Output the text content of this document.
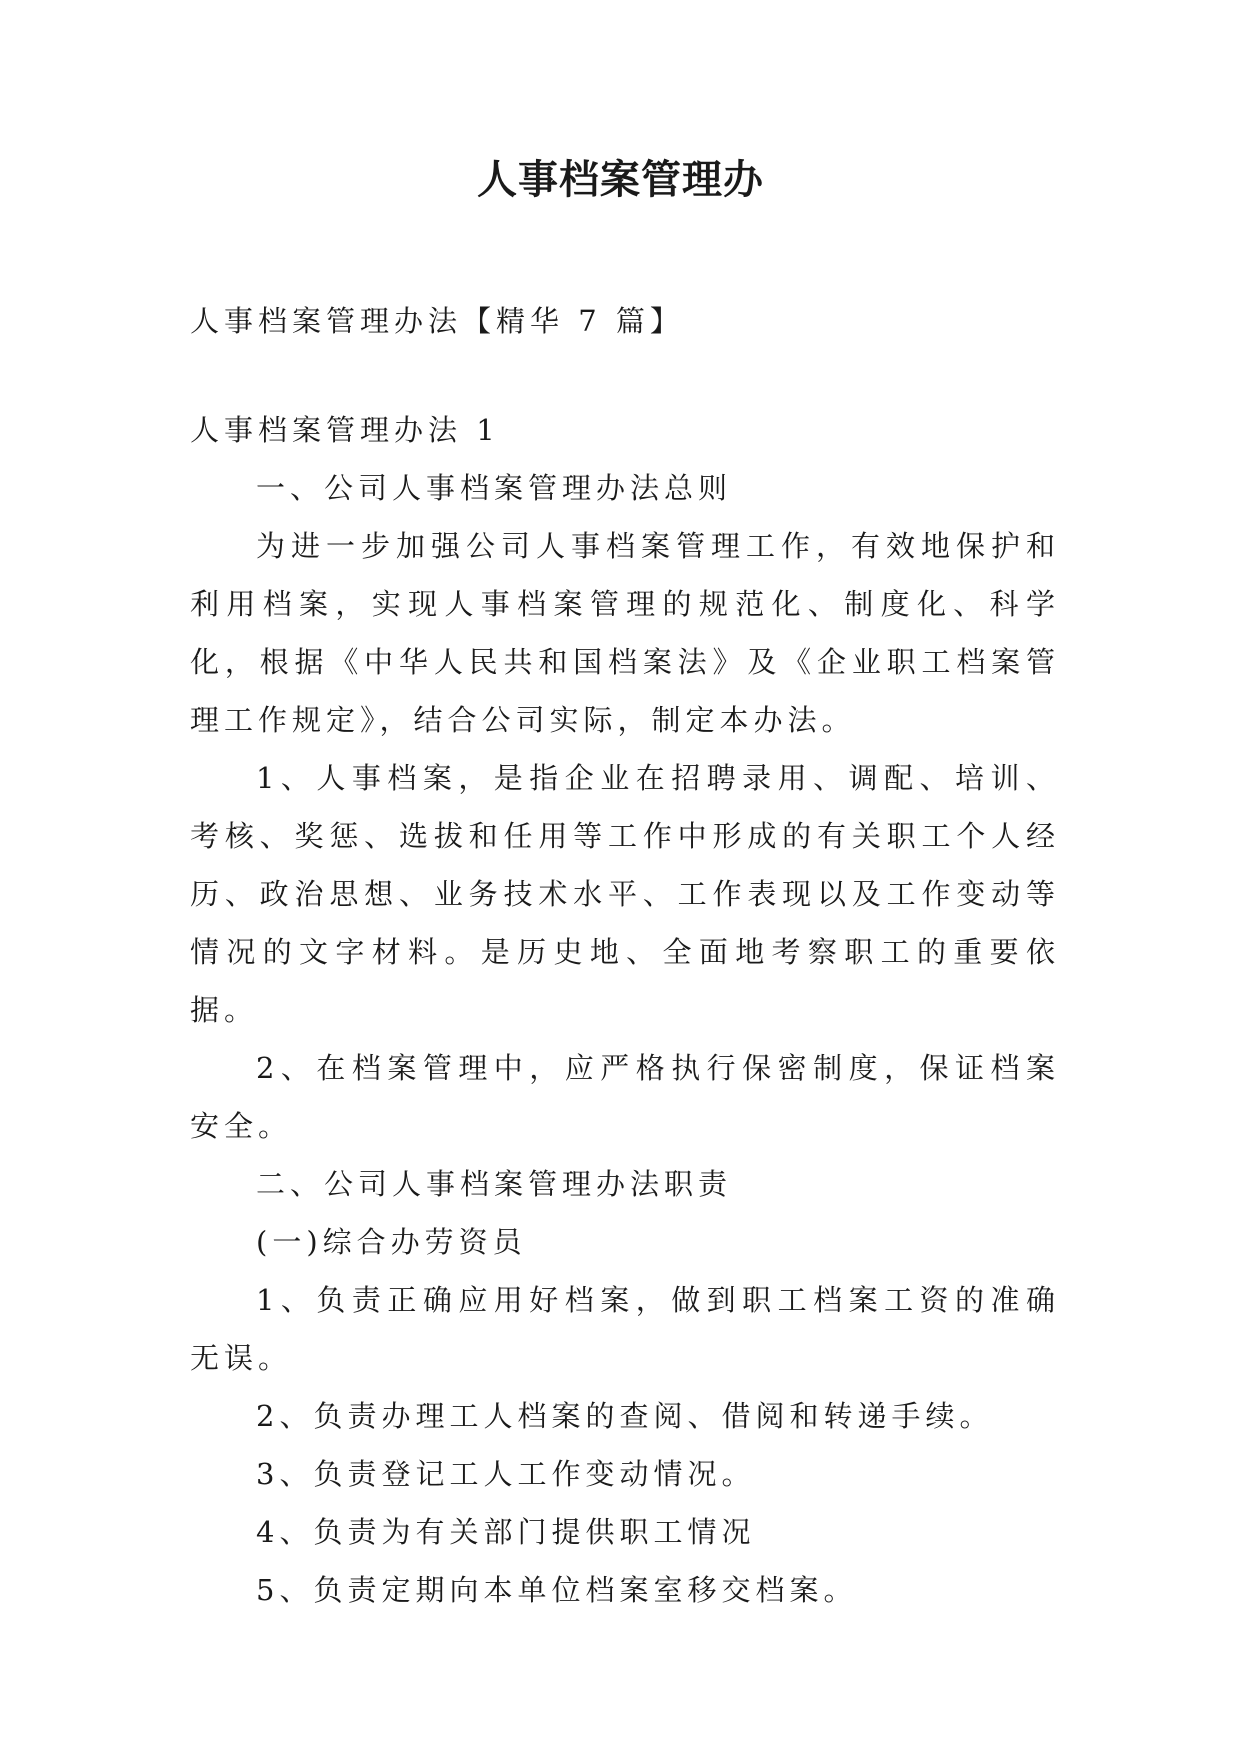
人事档案管理办

人事档案管理办法【精华 7 篇】

人事档案管理办法 1

一、公司人事档案管理办法总则

为进一步加强公司人事档案管理工作，有效地保护和利用档案，实现人事档案管理的规范化、制度化、科学化，根据《中华人民共和国档案法》及《企业职工档案管理工作规定》，结合公司实际，制定本办法。

1、人事档案，是指企业在招聘录用、调配、培训、考核、奖惩、选拔和任用等工作中形成的有关职工个人经历、政治思想、业务技术水平、工作表现以及工作变动等情况的文字材料。是历史地、全面地考察职工的重要依据。

2、在档案管理中，应严格执行保密制度，保证档案安全。

二、公司人事档案管理办法职责

(一)综合办劳资员

1、负责正确应用好档案，做到职工档案工资的准确无误。

2、负责办理工人档案的查阅、借阅和转递手续。

3、负责登记工人工作变动情况。

4、负责为有关部门提供职工情况

5、负责定期向本单位档案室移交档案。
